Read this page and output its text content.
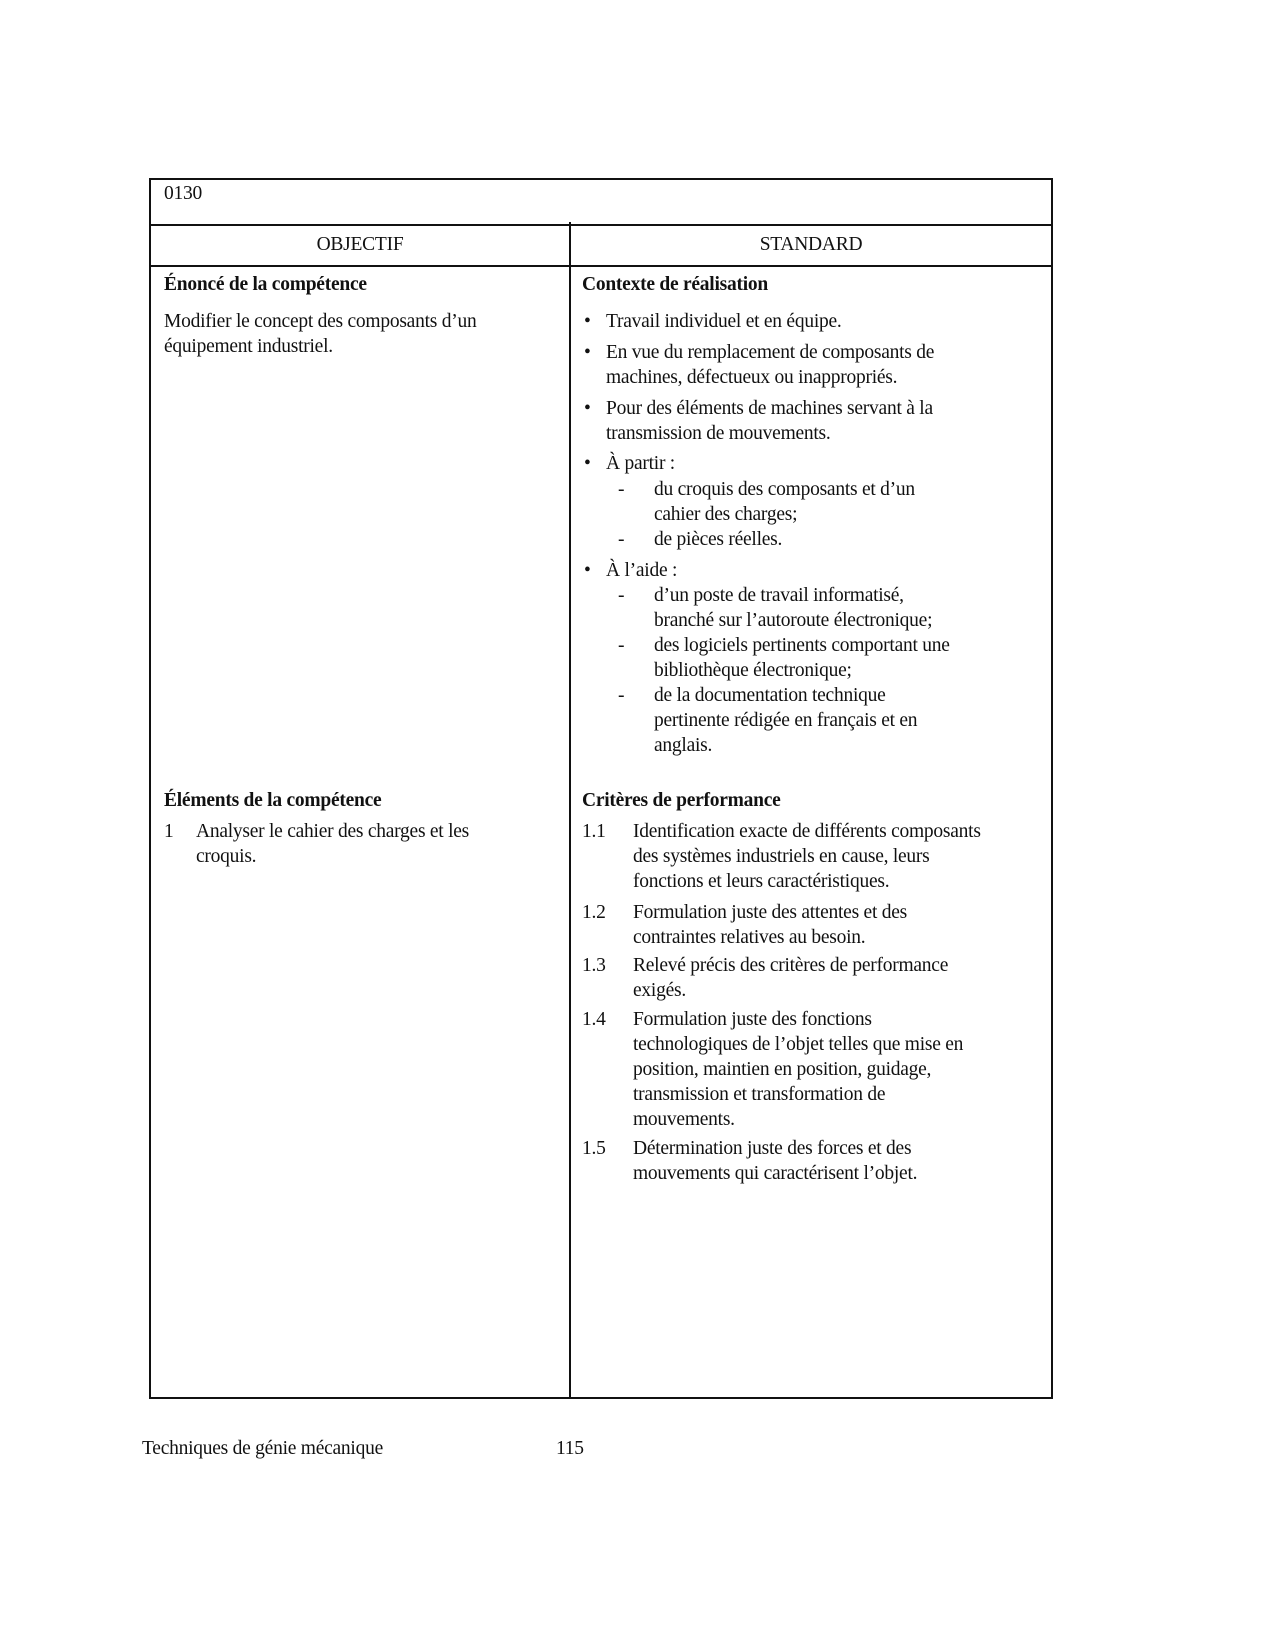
0130
OBJECTIF	STANDARD
Énoncé de la compétence
Modifier le concept des composants d’un
équipement industriel.
Contexte de réalisation
Éléments de la compétence
1 Analyser le cahier des charges et les
croquis.
Critères de performance
Techniques de génie mécanique	115
• Travail individuel et en équipe.
• En vue du remplacement de composants de
machines, défectueux ou inappropriés.
• Pour des éléments de machines servant à la
transmission de mouvements.
• À partir :
- du croquis des composants et d’un
cahier des charges;
- de pièces réelles.
• À l’aide :
- d’un poste de travail informatisé,
branché sur l’autoroute électronique;
- des logiciels pertinents comportant une
bibliothèque électronique;
- de la documentation technique
pertinente rédigée en français et en
anglais.
1.1 Identification exacte de différents composants
des systèmes industriels en cause, leurs
fonctions et leurs caractéristiques.
1.2 Formulation juste des attentes et des
contraintes relatives au besoin.
1.3 Relevé précis des critères de performance
exigés.
1.4 Formulation juste des fonctions
technologiques de l’objet telles que mise en
position, maintien en position, guidage,
transmission et transformation de
mouvements.
1.5 Détermination juste des forces et des
mouvements qui caractérisent l’objet.
